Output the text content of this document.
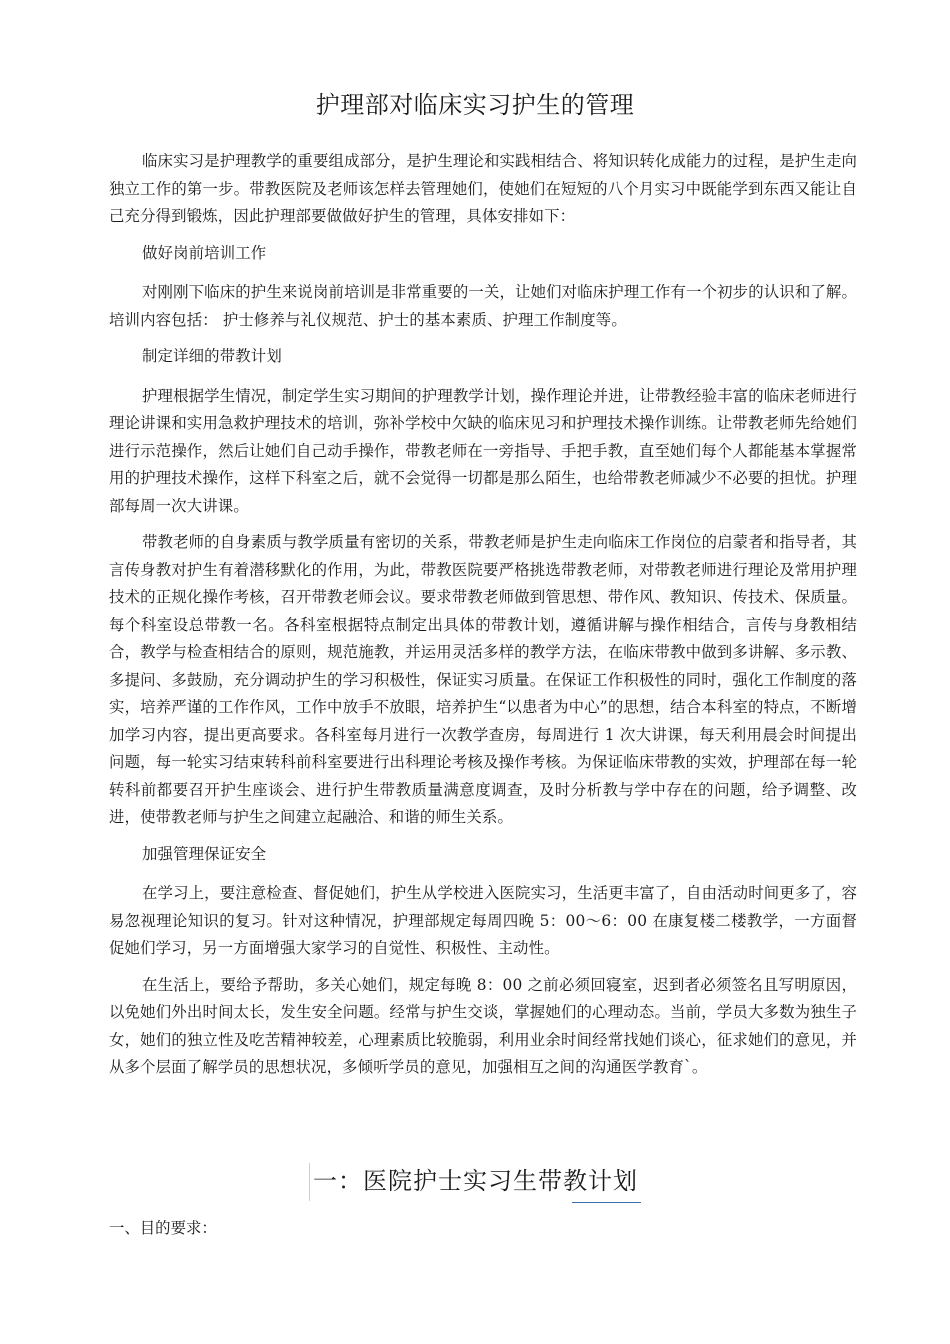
护理部对临床实习护生的管理

临床实习是护理教学的重要组成部分，是护生理论和实践相结合、将知识转化成能力的过程，是护生走向独立工作的第一步。带教医院及老师该怎样去管理她们，使她们在短短的八个月实习中既能学到东西又能让自己充分得到锻炼，因此护理部要做做好护生的管理，具体安排如下：

做好岗前培训工作

对刚刚下临床的护生来说岗前培训是非常重要的一关，让她们对临床护理工作有一个初步的认识和了解。培训内容包括： 护士修养与礼仪规范、护士的基本素质、护理工作制度等。

制定详细的带教计划

护理根据学生情况，制定学生实习期间的护理教学计划，操作理论并进，让带教经验丰富的临床老师进行理论讲课和实用急救护理技术的培训，弥补学校中欠缺的临床见习和护理技术操作训练。让带教老师先给她们进行示范操作，然后让她们自己动手操作，带教老师在一旁指导、手把手教，直至她们每个人都能基本掌握常用的护理技术操作，这样下科室之后，就不会觉得一切都是那么陌生，也给带教老师减少不必要的担忧。护理部每周一次大讲课。

带教老师的自身素质与教学质量有密切的关系，带教老师是护生走向临床工作岗位的启蒙者和指导者，其言传身教对护生有着潜移默化的作用，为此，带教医院要严格挑选带教老师，对带教老师进行理论及常用护理技术的正规化操作考核，召开带教老师会议。要求带教老师做到管思想、带作风、教知识、传技术、保质量。每个科室设总带教一名。各科室根据特点制定出具体的带教计划，遵循讲解与操作相结合，言传与身教相结合，教学与检查相结合的原则，规范施教，并运用灵活多样的教学方法，在临床带教中做到多讲解、多示教、多提问、多鼓励，充分调动护生的学习积极性，保证实习质量。在保证工作积极性的同时，强化工作制度的落实，培养严谨的工作作风，工作中放手不放眼，培养护生“以患者为中心”的思想，结合本科室的特点，不断增加学习内容，提出更高要求。各科室每月进行一次教学查房，每周进行 1 次大讲课，每天利用晨会时间提出问题，每一轮实习结束转科前科室要进行出科理论考核及操作考核。为保证临床带教的实效，护理部在每一轮转科前都要召开护生座谈会、进行护生带教质量满意度调查，及时分析教与学中存在的问题，给予调整、改进，使带教老师与护生之间建立起融洽、和谐的师生关系。

加强管理保证安全

在学习上，要注意检查、督促她们，护生从学校进入医院实习，生活更丰富了，自由活动时间更多了，容易忽视理论知识的复习。针对这种情况，护理部规定每周四晚 5：00～6：00 在康复楼二楼教学，一方面督促她们学习，另一方面增强大家学习的自觉性、积极性、主动性。

在生活上，要给予帮助，多关心她们，规定每晚 8：00 之前必须回寝室，迟到者必须签名且写明原因，以免她们外出时间太长，发生安全问题。经常与护生交谈，掌握她们的心理动态。当前，学员大多数为独生子女，她们的独立性及吃苦精神较差，心理素质比较脆弱，利用业余时间经常找她们谈心，征求她们的意见，并从多个层面了解学员的思想状况，多倾听学员的意见，加强相互之间的沟通医学教育`。

一：医院护士实习生带教计划
一、目的要求：
